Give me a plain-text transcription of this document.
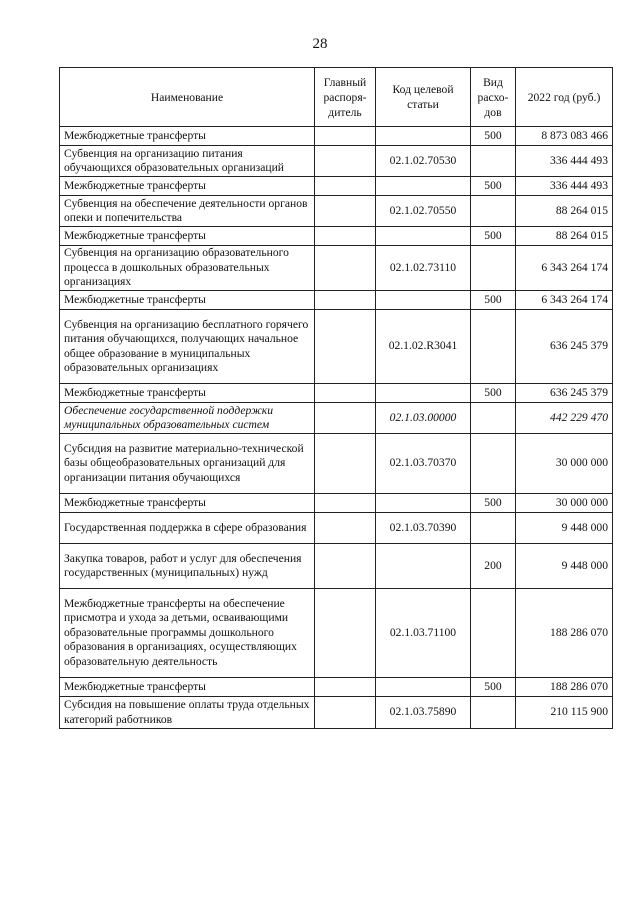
28
Наименование	Главный распоря-дитель	Код целевой статьи	Вид расхо-дов	2022 год (руб.)
Межбюджетные трансферты			500	8 873 083 466
Субвенция на организацию питания обучающихся образовательных организаций		02.1.02.70530		336 444 493
Межбюджетные трансферты			500	336 444 493
Субвенция на обеспечение деятельности органов опеки и попечительства		02.1.02.70550		88 264 015
Межбюджетные трансферты			500	88 264 015
Субвенция на организацию образовательного процесса в дошкольных образовательных организациях		02.1.02.73110		6 343 264 174
Межбюджетные трансферты			500	6 343 264 174
Субвенция на организацию бесплатного горячего питания обучающихся, получающих начальное общее образование в муниципальных образовательных организациях		02.1.02.R3041		636 245 379
Межбюджетные трансферты			500	636 245 379
Обеспечение государственной поддержки муниципальных образовательных систем		02.1.03.00000		442 229 470
Субсидия на развитие материально-технической базы общеобразовательных организаций для организации питания обучающихся		02.1.03.70370		30 000 000
Межбюджетные трансферты			500	30 000 000
Государственная поддержка в сфере образования		02.1.03.70390		9 448 000
Закупка товаров, работ и услуг для обеспечения государственных (муниципальных) нужд			200	9 448 000
Межбюджетные трансферты на обеспечение присмотра и ухода за детьми, осваивающими образовательные программы дошкольного образования в организациях, осуществляющих образовательную деятельность		02.1.03.71100		188 286 070
Межбюджетные трансферты			500	188 286 070
Субсидия на повышение оплаты труда отдельных категорий работников		02.1.03.75890		210 115 900
